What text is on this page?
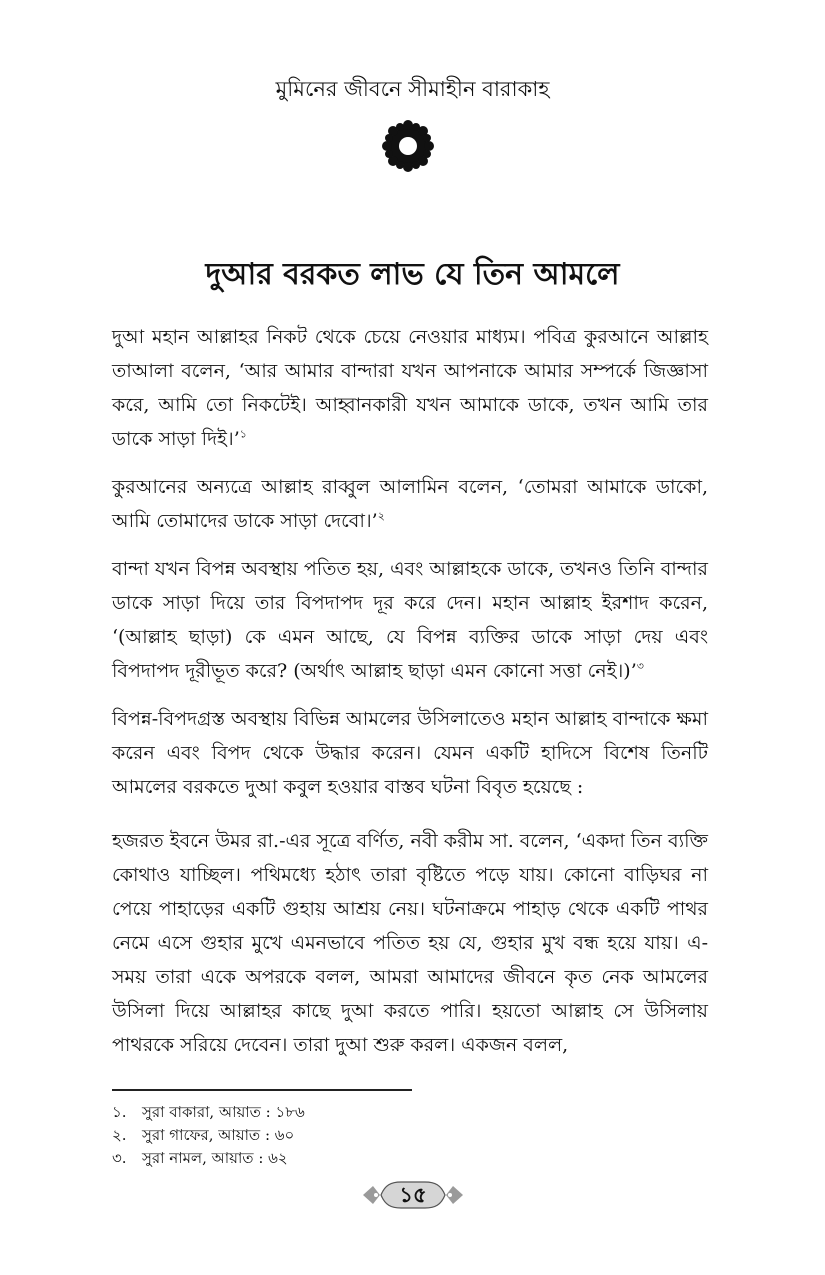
মুমিনের জীবনে সীমাহীন বারাকাহ
দুআর বরকত লাভ যে তিন আমলে

দুআ মহান আল্লাহর নিকট থেকে চেয়ে নেওয়ার মাধ্যম। পবিত্র কুরআনে আল্লাহ তাআলা বলেন, ‘আর আমার বান্দারা যখন আপনাকে আমার সম্পর্কে জিজ্ঞাসা করে, আমি তো নিকটেই। আহ্বানকারী যখন আমাকে ডাকে, তখন আমি তার ডাকে সাড়া দিই।’$^১$

কুরআনের অন্যত্রে আল্লাহ রাব্বুল আলামিন বলেন, ‘তোমরা আমাকে ডাকো, আমি তোমাদের ডাকে সাড়া দেবো।’$^২$

বান্দা যখন বিপন্ন অবস্থায় পতিত হয়, এবং আল্লাহকে ডাকে, তখনও তিনি বান্দার ডাকে সাড়া দিয়ে তার বিপদাপদ দূর করে দেন। মহান আল্লাহ ইরশাদ করেন, ‘(আল্লাহ ছাড়া) কে এমন আছে, যে বিপন্ন ব্যক্তির ডাকে সাড়া দেয় এবং বিপদাপদ দূরীভূত করে? (অর্থাৎ আল্লাহ ছাড়া এমন কোনো সত্তা নেই।)’$^৩$

বিপন্ন-বিপদগ্রস্ত অবস্থায় বিভিন্ন আমলের উসিলাতেও মহান আল্লাহ বান্দাকে ক্ষমা করেন এবং বিপদ থেকে উদ্ধার করেন। যেমন একটি হাদিসে বিশেষ তিনটি আমলের বরকতে দুআ কবুল হওয়ার বাস্তব ঘটনা বিবৃত হয়েছে :

হজরত ইবনে উমর রা.-এর সূত্রে বর্ণিত, নবী করীম সা. বলেন, ‘একদা তিন ব্যক্তি কোথাও যাচ্ছিল। পথিমধ্যে হঠাৎ তারা বৃষ্টিতে পড়ে যায়। কোনো বাড়িঘর না পেয়ে পাহাড়ের একটি গুহায় আশ্রয় নেয়। ঘটনাক্রমে পাহাড় থেকে একটি পাথর নেমে এসে গুহার মুখে এমনভাবে পতিত হয় যে, গুহার মুখ বন্ধ হয়ে যায়। এ-সময় তারা একে অপরকে বলল, আমরা আমাদের জীবনে কৃত নেক আমলের উসিলা দিয়ে আল্লাহর কাছে দুআ করতে পারি। হয়তো আল্লাহ সে উসিলায় পাথরকে সরিয়ে দেবেন। তারা দুআ শুরু করল। একজন বলল,

১. সুরা বাকারা, আয়াত : ১৮৬
২. সুরা গাফের, আয়াত : ৬০
৩. সুরা নামল, আয়াত : ৬২
১৫
